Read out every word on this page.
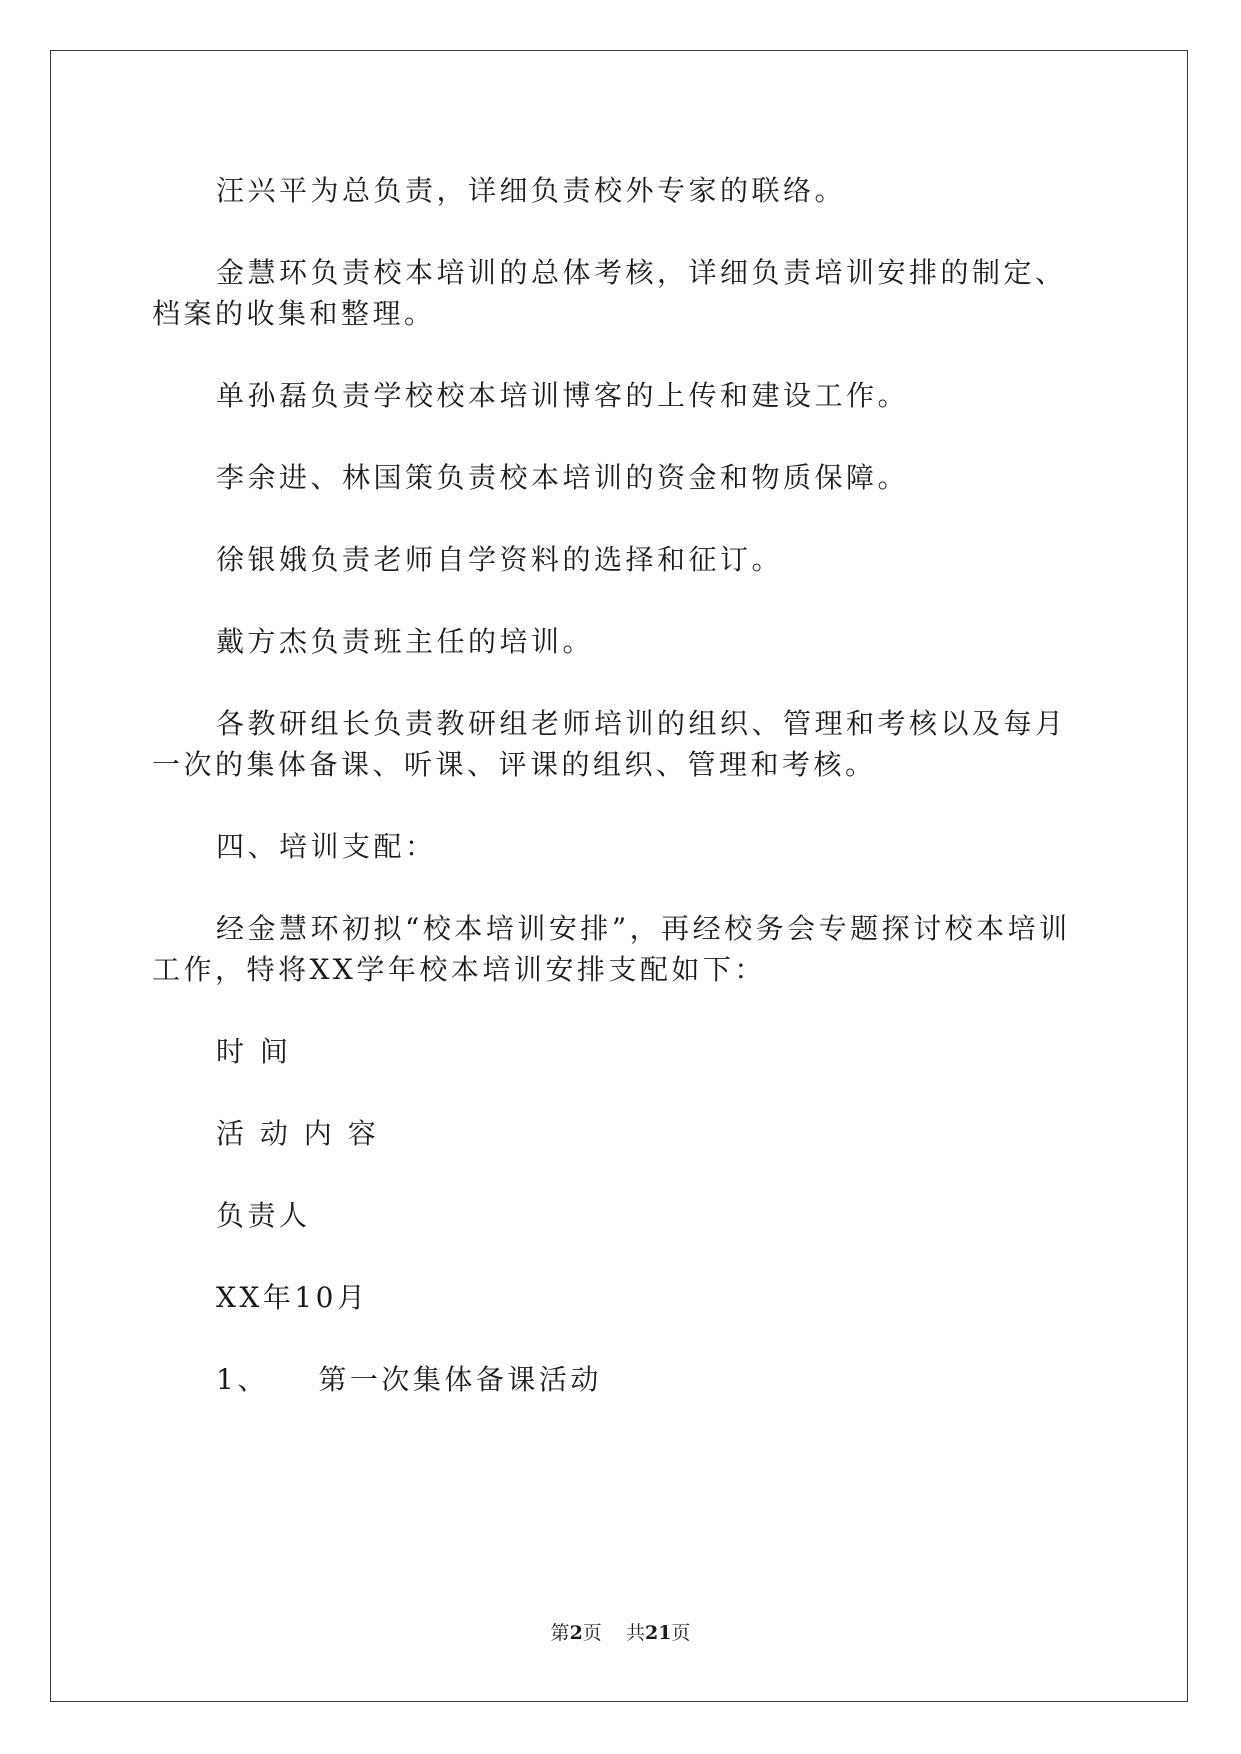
汪兴平为总负责，详细负责校外专家的联络。

金慧环负责校本培训的总体考核，详细负责培训安排的制定、档案的收集和整理。

单孙磊负责学校校本培训博客的上传和建设工作。

李余进、林国策负责校本培训的资金和物质保障。

徐银娥负责老师自学资料的选择和征订。

戴方杰负责班主任的培训。

各教研组长负责教研组老师培训的组织、管理和考核以及每月一次的集体备课、听课、评课的组织、管理和考核。

四、培训支配：

经金慧环初拟“校本培训安排”，再经校务会专题探讨校本培训工作，特将XX学年校本培训安排支配如下：

时 间

活 动 内 容

负责人

XX年10月

1、    第一次集体备课活动

第2页    共21页
